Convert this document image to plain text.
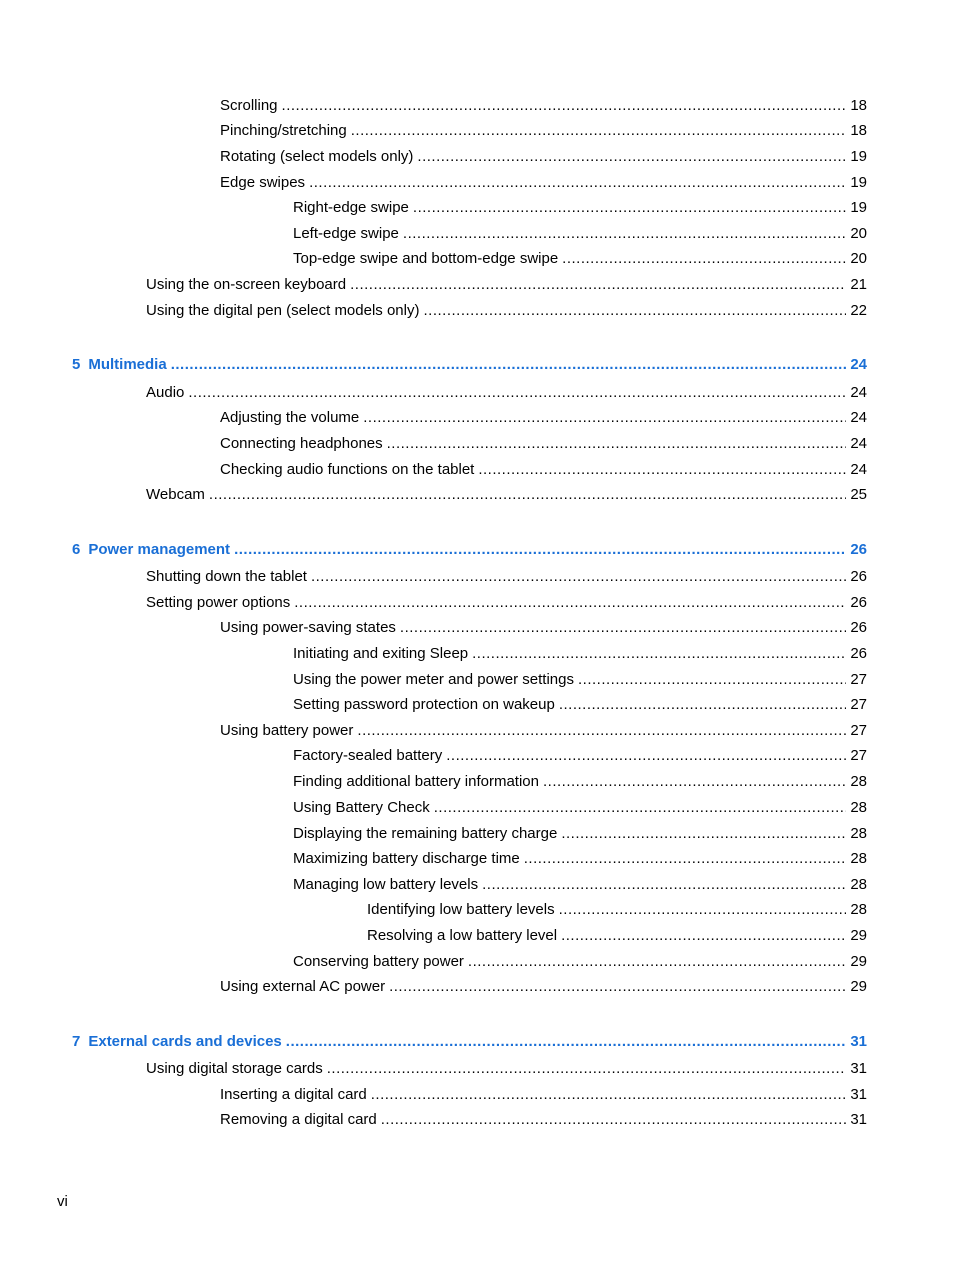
Scrolling .....	18
Pinching/stretching .....	18
Rotating (select models only) .....	19
Edge swipes .....	19
Right-edge swipe .....	19
Left-edge swipe .....	20
Top-edge swipe and bottom-edge swipe .....	20
Using the on-screen keyboard .....	21
Using the digital pen (select models only) .....	22
5 Multimedia .....	24
Audio .....	24
Adjusting the volume .....	24
Connecting headphones .....	24
Checking audio functions on the tablet .....	24
Webcam .....	25
6 Power management .....	26
Shutting down the tablet .....	26
Setting power options .....	26
Using power-saving states .....	26
Initiating and exiting Sleep .....	26
Using the power meter and power settings .....	27
Setting password protection on wakeup .....	27
Using battery power .....	27
Factory-sealed battery .....	27
Finding additional battery information .....	28
Using Battery Check .....	28
Displaying the remaining battery charge .....	28
Maximizing battery discharge time .....	28
Managing low battery levels .....	28
Identifying low battery levels .....	28
Resolving a low battery level .....	29
Conserving battery power .....	29
Using external AC power .....	29
7 External cards and devices .....	31
Using digital storage cards .....	31
Inserting a digital card .....	31
Removing a digital card .....	31
vi
